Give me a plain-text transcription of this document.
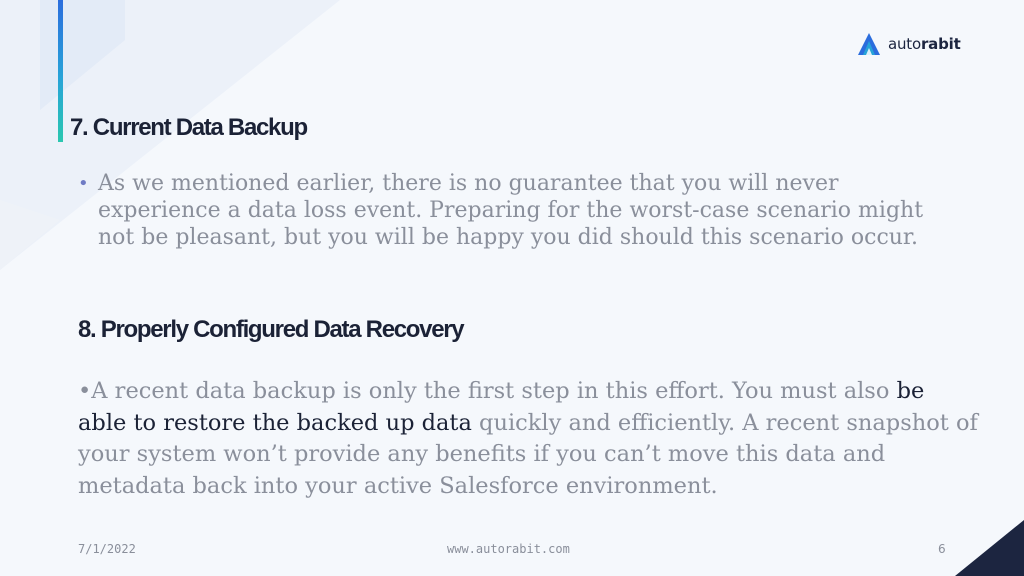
autorabit
7. Current Data Backup
• As we mentioned earlier, there is no guarantee that you will never experience a data loss event. Preparing for the worst-case scenario might not be pleasant, but you will be happy you did should this scenario occur.
8. Properly Configured Data Recovery
•A recent data backup is only the first step in this effort. You must also be able to restore the backed up data quickly and efficiently. A recent snapshot of your system won’t provide any benefits if you can’t move this data and metadata back into your active Salesforce environment.
7/1/2022	www.autorabit.com	6
